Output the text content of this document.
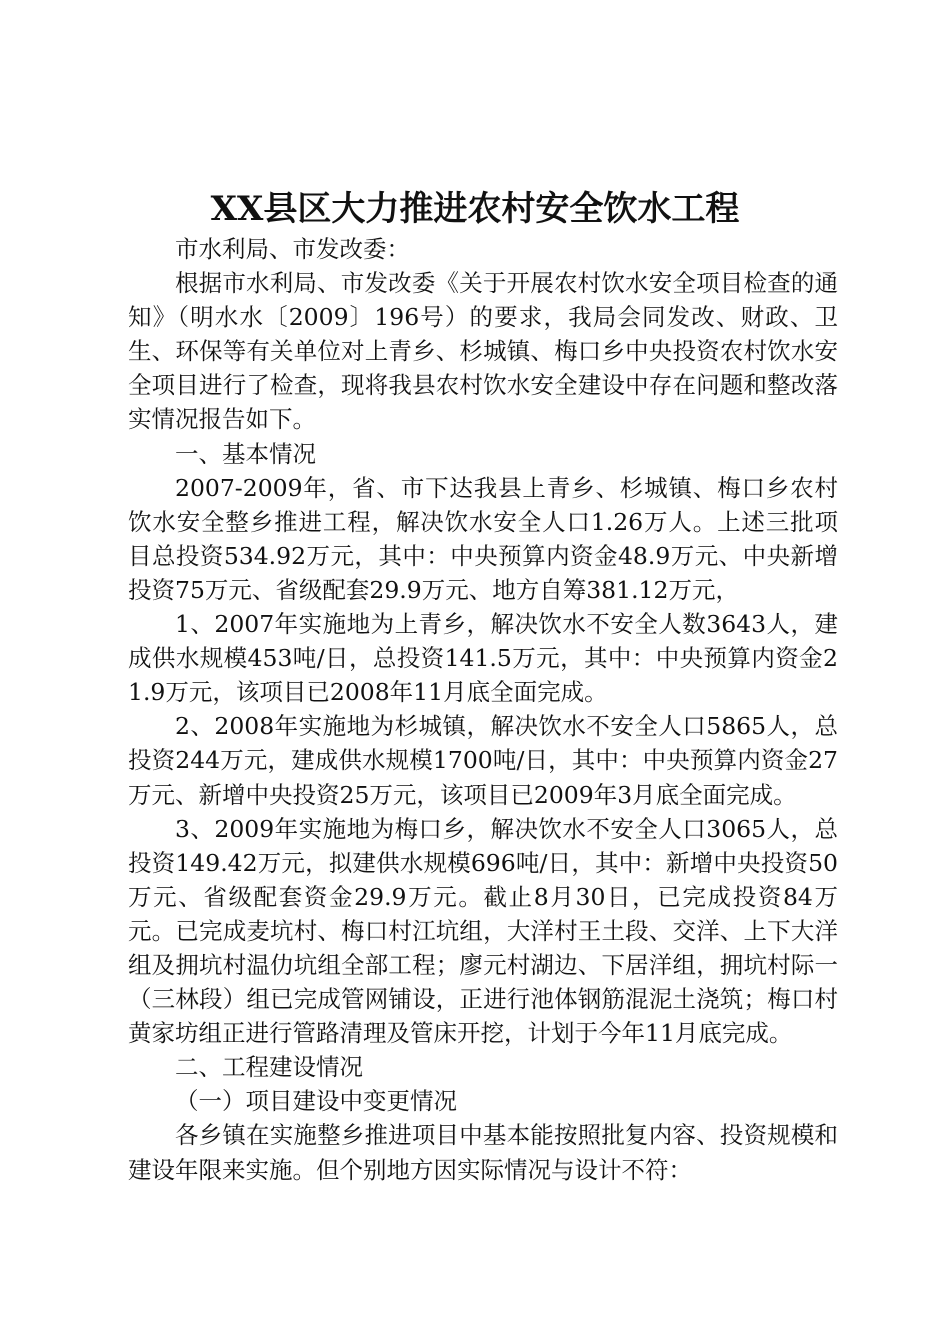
XX县区大力推进农村安全饮水工程

市水利局、市发改委：

根据市水利局、市发改委《关于开展农村饮水安全项目检查的通知》（明水水〔2009〕196号）的要求，我局会同发改、财政、卫生、环保等有关单位对上青乡、杉城镇、梅口乡中央投资农村饮水安全项目进行了检查，现将我县农村饮水安全建设中存在问题和整改落实情况报告如下。

一、基本情况

2007-2009年，省、市下达我县上青乡、杉城镇、梅口乡农村饮水安全整乡推进工程，解决饮水安全人口1.26万人。上述三批项目总投资534.92万元，其中：中央预算内资金48.9万元、中央新增投资75万元、省级配套29.9万元、地方自筹381.12万元，

1、2007年实施地为上青乡，解决饮水不安全人数3643人，建成供水规模453吨/日，总投资141.5万元，其中：中央预算内资金21.9万元，该项目已2008年11月底全面完成。

2、2008年实施地为杉城镇，解决饮水不安全人口5865人，总投资244万元，建成供水规模1700吨/日，其中：中央预算内资金27万元、新增中央投资25万元，该项目已2009年3月底全面完成。

3、2009年实施地为梅口乡，解决饮水不安全人口3065人，总投资149.42万元，拟建供水规模696吨/日，其中：新增中央投资50万元、省级配套资金29.9万元。截止8月30日，已完成投资84万元。已完成麦坑村、梅口村江坑组，大洋村王土段、交洋、上下大洋组及拥坑村温仂坑组全部工程；廖元村湖边、下居洋组，拥坑村际一（三林段）组已完成管网铺设，正进行池体钢筋混泥土浇筑；梅口村黄家坊组正进行管路清理及管床开挖，计划于今年11月底完成。

二、工程建设情况

（一）项目建设中变更情况

各乡镇在实施整乡推进项目中基本能按照批复内容、投资规模和建设年限来实施。但个别地方因实际情况与设计不符：
